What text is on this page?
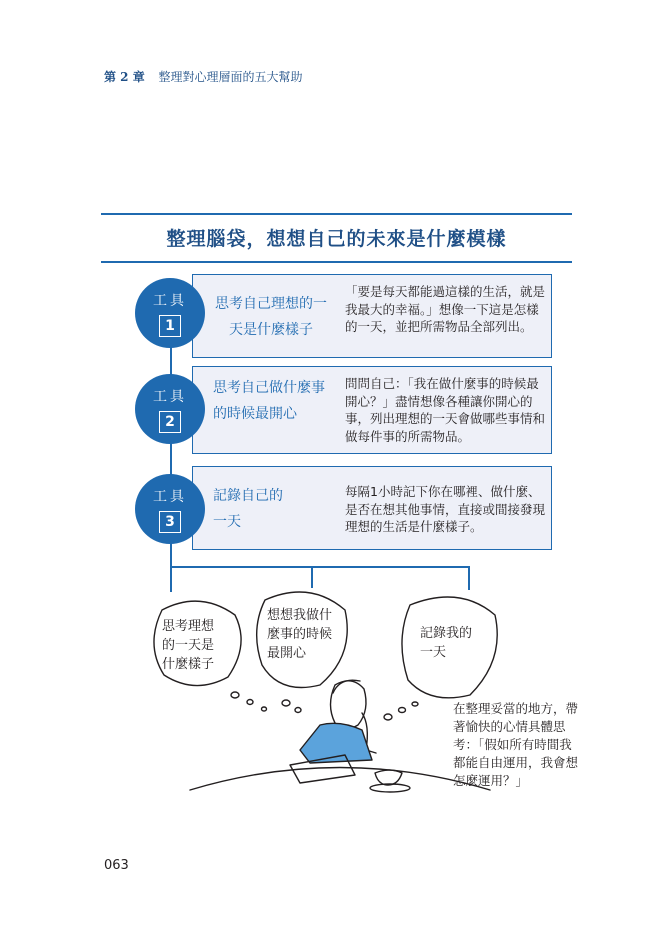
第 2 章 整理對心理層面的五大幫助
整理腦袋，想想自己的未來是什麼模樣
思考自己理想的一
天是什麼樣子
「要是每天都能過這樣的生活，就是我最大的幸福。」想像一下這是怎樣的一天，並把所需物品全部列出。
工具
1
思考自己做什麼事
的時候最開心
問問自己：「我在做什麼事的時候最開心？」盡情想像各種讓你開心的事，列出理想的一天會做哪些事情和做每件事的所需物品。
工具
2
記錄自己的
一天
每隔1小時記下你在哪裡、做什麼、是否在想其他事情，直接或間接發現理想的生活是什麼樣子。
工具
3
思考理想
的一天是
什麼樣子
想想我做什
麼事的時候
最開心
記錄我的
一天
在整理妥當的地方，帶著愉快的心情具體思考：「假如所有時間我都能自由運用，我會想怎麼運用？」
063
